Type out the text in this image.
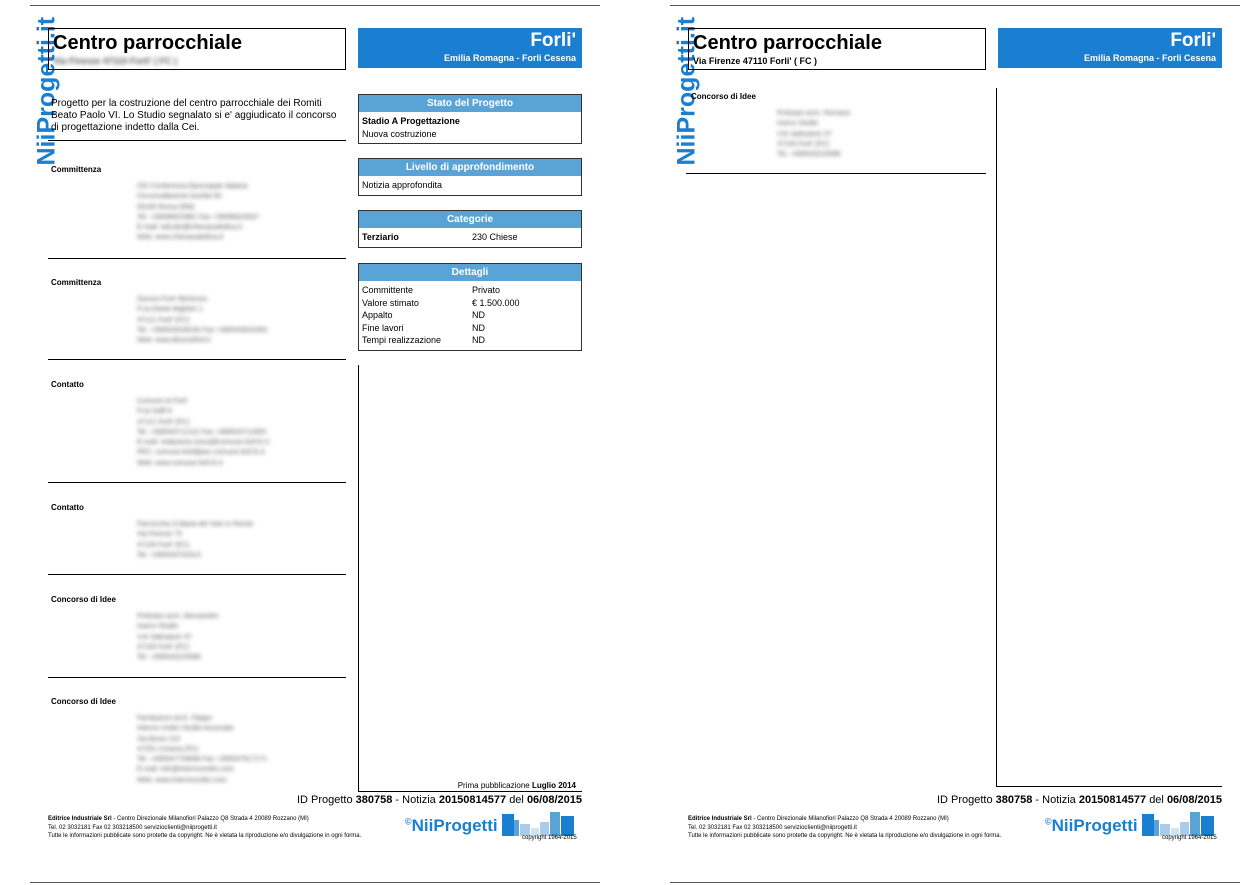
NiiProgetti.it
Centro parrocchiale
Via Firenze 47110 Forli' ( FC )
Forli'
Emilia Romagna - Forli Cesena
Progetto per la costruzione del centro parrocchiale dei Romiti Beato Paolo VI. Lo Studio segnalato si e' aggiudicato il concorso di progettazione indetto dalla Cei.
Committenza
CEI Conferenza Episcopale Italiana
Circonvallazione Aurelia 50
00165 Roma (RM)
Tel. +39066623981 Fax +39066623037
E-mail: edculto@chiesacattolica.it
Web: www.chiesacattolica.it
Committenza
Diocesi Forli' Bertinoro
P.za Dante Alighieri 1
47121 Forli' (FC)
Tel. +390543028240 Fax +390543024303
Web: www.diocesiforli.it
Contatto
Comune di Forli'
P.za Saffi 8
47121 Forli' (FC)
Tel. +390543712111 Fax +390543712450
E-mail: redazione.civica@comune.forli.fc.it
PEC: comune.forli@pec.comune.forli.fc.it
Web: www.comune.forli.fc.it
Contatto
Parrocchia S.Maria del Voto in Romiti
Via Firenze 75
47100 Forli' (FC)
Tel. +390543702913
Concorso di Idee
Preloiani arch. Alessandro
Inarco Studio
V.le Salinatore 37
47100 Forli' (FC)
Tel. +390543220086
Concorso di Idee
Pambianco arch. Filippo
Interno Undici Studio Associato
Via Bovio 210
47251 Cesena (FC)
Tel. +390547726696 Fax +390547617171
E-mail: info@internoundici.com
Web: www.internoundici.com
Stato del Progetto
Stadio A Progettazione
Nuova costruzione
Livello di approfondimento
Notizia approfondita
Categorie
Terziario	230 Chiese
Dettagli
Committente	Privato
Valore stimato	€ 1.500.000
Appalto	ND
Fine lavori	ND
Tempi realizzazione	ND
Prima pubblicazione Luglio 2014
ID Progetto 380758 - Notizia 20150814577 del 06/08/2015
Editrice Industriale Srl - Centro Direzionale Milanofiori Palazzo Q8 Strada 4 20089 Rozzano (MI)
Tel. 02 3032181 Fax 02 303218500 serviziocIienti@niiprogetti.it
Tutte le informazioni pubblicate sono protette da copyright. Ne è vietata la riproduzione e/o divulgazione in ogni forma.
©NiiProgetti
copyright 1964-2015
NiiProgetti.it
Centro parrocchiale
Via Firenze 47110 Forli' ( FC )
Forli'
Emilia Romagna - Forli Cesena
Concorso di Idee
Preloiani arch. Romano
Inarco Studio
V.le Salinatore 37
47100 Forli' (FC)
Tel. +390543220086
ID Progetto 380758 - Notizia 20150814577 del 06/08/2015
Editrice Industriale Srl - Centro Direzionale Milanofiori Palazzo Q8 Strada 4 20089 Rozzano (MI)
Tel. 02 3032181 Fax 02 303218500 serviziocIienti@niiprogetti.it
Tutte le informazioni pubblicate sono protette da copyright. Ne è vietata la riproduzione e/o divulgazione in ogni forma.
©NiiProgetti
copyright 1964-2015
